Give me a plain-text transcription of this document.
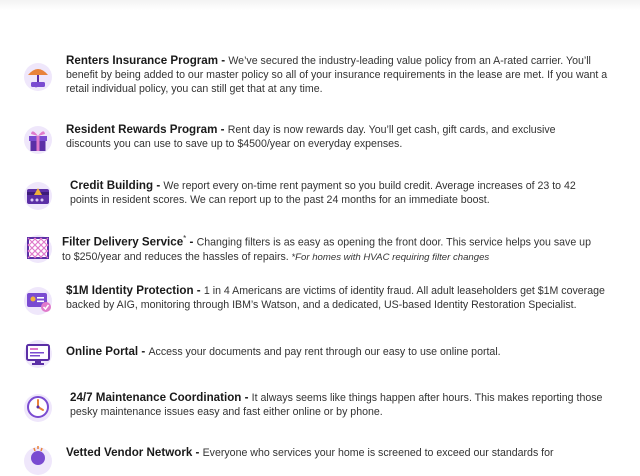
Renters Insurance Program - We’ve secured the industry-leading value policy from an A-rated carrier. You’ll benefit by being added to our master policy so all of your insurance requirements in the lease are met. If you want a retail individual policy, you can still get that at any time.
Resident Rewards Program - Rent day is now rewards day. You’ll get cash, gift cards, and exclusive discounts you can use to save up to $4500/year on everyday expenses.
Credit Building - We report every on-time rent payment so you build credit. Average increases of 23 to 42 points in resident scores. We can report up to the past 24 months for an immediate boost.
Filter Delivery Service* - Changing filters is as easy as opening the front door. This service helps you save up to $250/year and reduces the hassles of repairs. *For homes with HVAC requiring filter changes
$1M Identity Protection - 1 in 4 Americans are victims of identity fraud. All adult leaseholders get $1M coverage backed by AIG, monitoring through IBM’s Watson, and a dedicated, US-based Identity Restoration Specialist.
Online Portal - Access your documents and pay rent through our easy to use online portal.
24/7 Maintenance Coordination - It always seems like things happen after hours. This makes reporting those pesky maintenance issues easy and fast either online or by phone.
Vetted Vendor Network - Everyone who services your home is screened to exceed our standards for
